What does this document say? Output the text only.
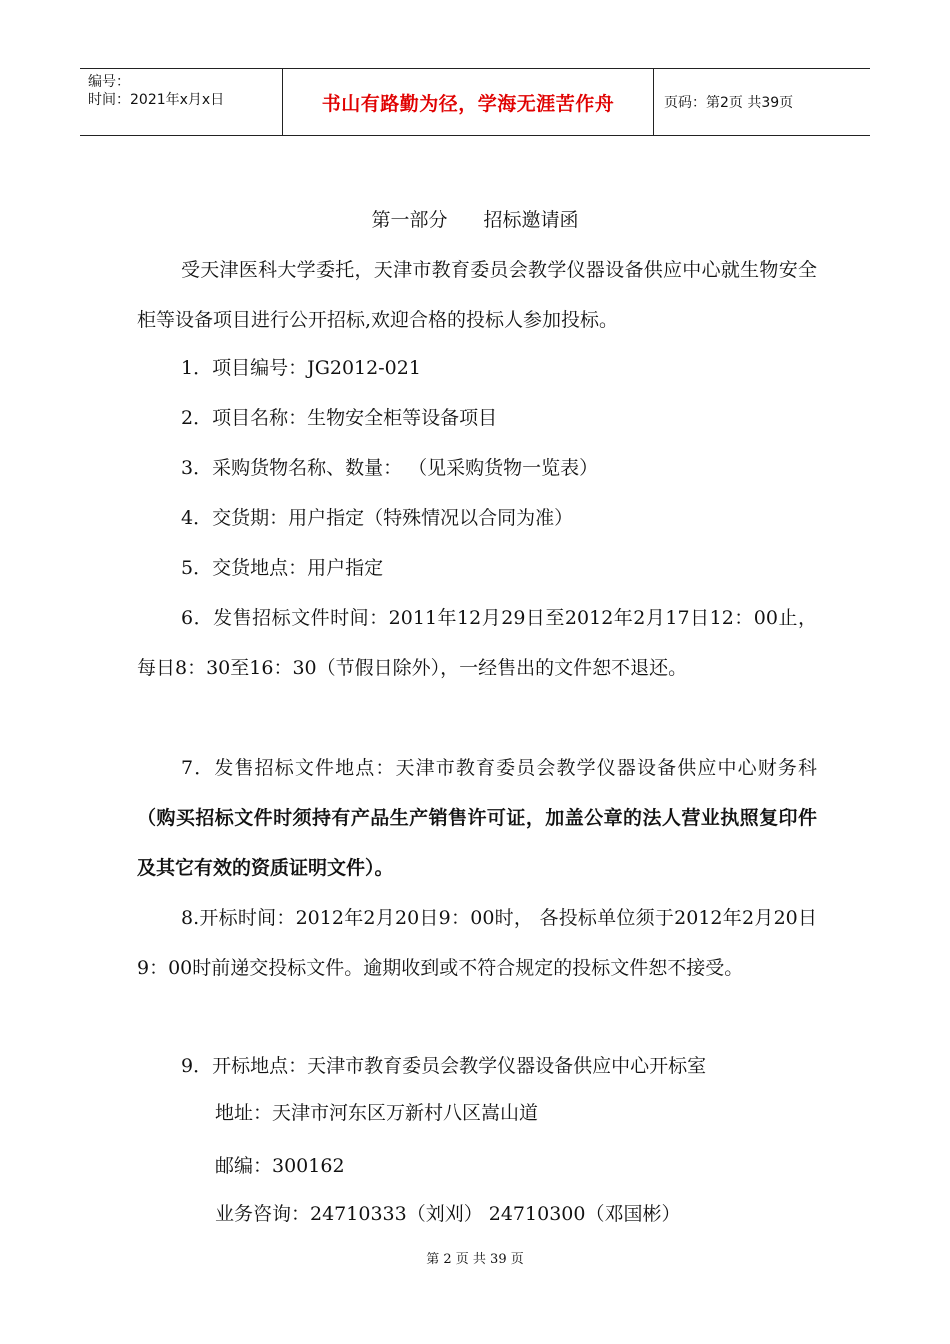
编号：
时间：2021年x月x日	书山有路勤为径，学海无涯苦作舟	页码：第2页 共39页
第一部分 招标邀请函
受天津医科大学委托，天津市教育委员会教学仪器设备供应中心就生物安全柜等设备项目进行公开招标,欢迎合格的投标人参加投标。
1．项目编号：JG2012-021
2．项目名称：生物安全柜等设备项目
3．采购货物名称、数量： （见采购货物一览表）
4．交货期：用户指定（特殊情况以合同为准）
5．交货地点：用户指定
6．发售招标文件时间：2011年12月29日至2012年2月17日12：00止，每日8：30至16：30（节假日除外），一经售出的文件恕不退还。
7．发售招标文件地点：天津市教育委员会教学仪器设备供应中心财务科（购买招标文件时须持有产品生产销售许可证，加盖公章的法人营业执照复印件及其它有效的资质证明文件）。
8.开标时间：2012年2月20日9：00时， 各投标单位须于2012年2月20日9：00时前递交投标文件。逾期收到或不符合规定的投标文件恕不接受。
9．开标地点：天津市教育委员会教学仪器设备供应中心开标室
地址：天津市河东区万新村八区嵩山道
邮编：300162
业务咨询：24710333（刘刈） 24710300（邓国彬）
第 2 页 共 39 页
